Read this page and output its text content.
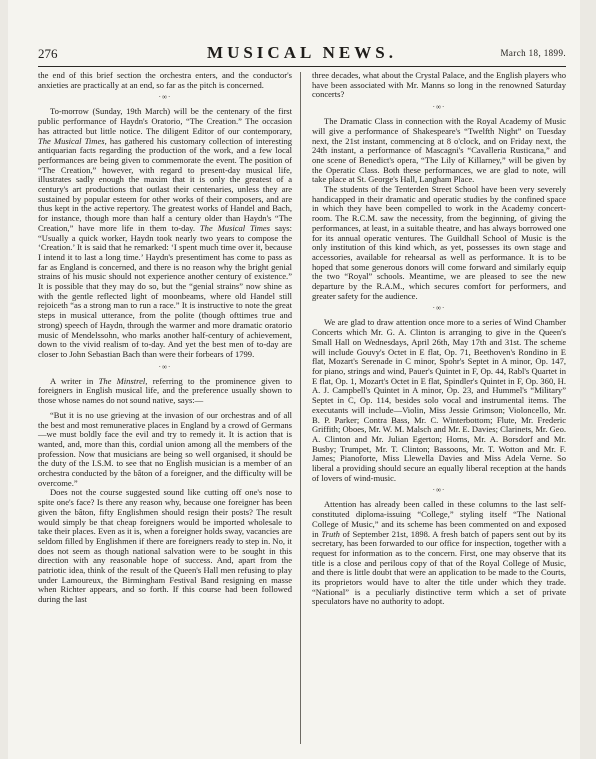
276	MUSICAL NEWS.	March 18, 1899.

the end of this brief section the orchestra enters, and the conductor's anxieties are practically at an end, so far as the pitch is concerned.

·∞·

To-morrow (Sunday, 19th March) will be the centenary of the first public performance of Haydn's Oratorio, “The Creation.” The occasion has attracted but little notice. The diligent Editor of our contemporary, The Musical Times, has gathered his customary collection of interesting antiquarian facts regarding the production of the work, and a few local performances are being given to commemorate the event. The position of “The Creation,” however, with regard to present-day musical life, illustrates sadly enough the maxim that it is only the greatest of a century's art productions that outlast their centenaries, unless they are sustained by popular esteem for other works of their composers, and are thus kept in the active repertory. The greatest works of Handel and Bach, for instance, though more than half a century older than Haydn's “The Creation,” have more life in them to-day. The Musical Times says: “Usually a quick worker, Haydn took nearly two years to compose the ‘Creation.’ It is said that he remarked: ‘I spent much time over it, because I intend it to last a long time.’ Haydn's presentiment has come to pass as far as England is concerned, and there is no reason why the bright genial strains of his music should not experience another century of existence.” It is possible that they may do so, but the “genial strains” now shine as with the gentle reflected light of moonbeams, where old Handel still rejoiceth “as a strong man to run a race.” It is instructive to note the great steps in musical utterance, from the polite (though ofttimes true and strong) speech of Haydn, through the warmer and more dramatic oratorio music of Mendelssohn, who marks another half-century of achievement, down to the vivid realism of to-day. And yet the best men of to-day are closer to John Sebastian Bach than were their forbears of 1799.

·∞·

A writer in The Minstrel, referring to the prominence given to foreigners in English musical life, and the preference usually shown to those whose names do not sound native, says:—

“But it is no use grieving at the invasion of our orchestras and of all the best and most remunerative places in England by a crowd of Germans—we must boldly face the evil and try to remedy it. It is action that is wanted, and, more than this, cordial union among all the members of the profession. Now that musicians are being so well organised, it should be the duty of the I.S.M. to see that no English musician is a member of an orchestra conducted by the bâton of a foreigner, and the difficulty will be overcome.”

Does not the course suggested sound like cutting off one's nose to spite one's face? Is there any reason why, because one foreigner has been given the bâton, fifty Englishmen should resign their posts? The result would simply be that cheap foreigners would be imported wholesale to take their places. Even as it is, when a foreigner holds sway, vacancies are seldom filled by Englishmen if there are foreigners ready to step in. No, it does not seem as though national salvation were to be sought in this direction with any reasonable hope of success. And, apart from the patriotic idea, think of the result of the Queen's Hall men refusing to play under Lamoureux, the Birmingham Festival Band resigning en masse when Richter appears, and so forth. If this course had been followed during the last

three decades, what about the Crystal Palace, and the English players who have been associated with Mr. Manns so long in the renowned Saturday concerts?

·∞·

The Dramatic Class in connection with the Royal Academy of Music will give a performance of Shakespeare's “Twelfth Night” on Tuesday next, the 21st instant, commencing at 8 o'clock, and on Friday next, the 24th instant, a performance of Mascagni's “Cavalleria Rusticana,” and one scene of Benedict's opera, “The Lily of Killarney,” will be given by the Operatic Class. Both these performances, we are glad to note, will take place at St. George's Hall, Langham Place.

The students of the Tenterden Street School have been very severely handicapped in their dramatic and operatic studies by the confined space in which they have been compelled to work in the Academy concert-room. The R.C.M. saw the necessity, from the beginning, of giving the performances, at least, in a suitable theatre, and has always borrowed one for its annual operatic ventures. The Guildhall School of Music is the only institution of this kind which, as yet, possesses its own stage and accessories, available for rehearsal as well as performance. It is to be hoped that some generous donors will come forward and similarly equip the two “Royal” schools. Meantime, we are pleased to see the new departure by the R.A.M., which secures comfort for performers, and greater safety for the audience.

·∞·

We are glad to draw attention once more to a series of Wind Chamber Concerts which Mr. G. A. Clinton is arranging to give in the Queen's Small Hall on Wednesdays, April 26th, May 17th and 31st. The scheme will include Gouvy's Octet in E flat, Op. 71, Beethoven's Rondino in E flat, Mozart's Serenade in C minor, Spohr's Septet in A minor, Op. 147, for piano, strings and wind, Pauer's Quintet in F, Op. 44, Rabl's Quartet in E flat, Op. 1, Mozart's Octet in E flat, Spindler's Quintet in F, Op. 360, H. A. J. Campbell's Quintet in A minor, Op. 23, and Hummel's “Military” Septet in C, Op. 114, besides solo vocal and instrumental items. The executants will include—Violin, Miss Jessie Grimson; Violoncello, Mr. B. P. Parker; Contra Bass, Mr. C. Winterbottom; Flute, Mr. Frederic Griffith; Oboes, Mr. W. M. Malsch and Mr. E. Davies; Clarinets, Mr. Geo. A. Clinton and Mr. Julian Egerton; Horns, Mr. A. Borsdorf and Mr. Busby; Trumpet, Mr. T. Clinton; Bassoons, Mr. T. Wotton and Mr. F. James; Pianoforte, Miss Llewella Davies and Miss Adela Verne. So liberal a providing should secure an equally liberal reception at the hands of lovers of wind-music.

·∞·

Attention has already been called in these columns to the last self-constituted diploma-issuing “College,” styling itself “The National College of Music,” and its scheme has been commented on and exposed in Truth of September 21st, 1898. A fresh batch of papers sent out by its secretary, has been forwarded to our office for inspection, together with a request for information as to the concern. First, one may observe that its title is a close and perilous copy of that of the Royal College of Music, and there is little doubt that were an application to be made to the Courts, its proprietors would have to alter the title under which they trade. “National” is a peculiarly distinctive term which a set of private speculators have no authority to adopt.
